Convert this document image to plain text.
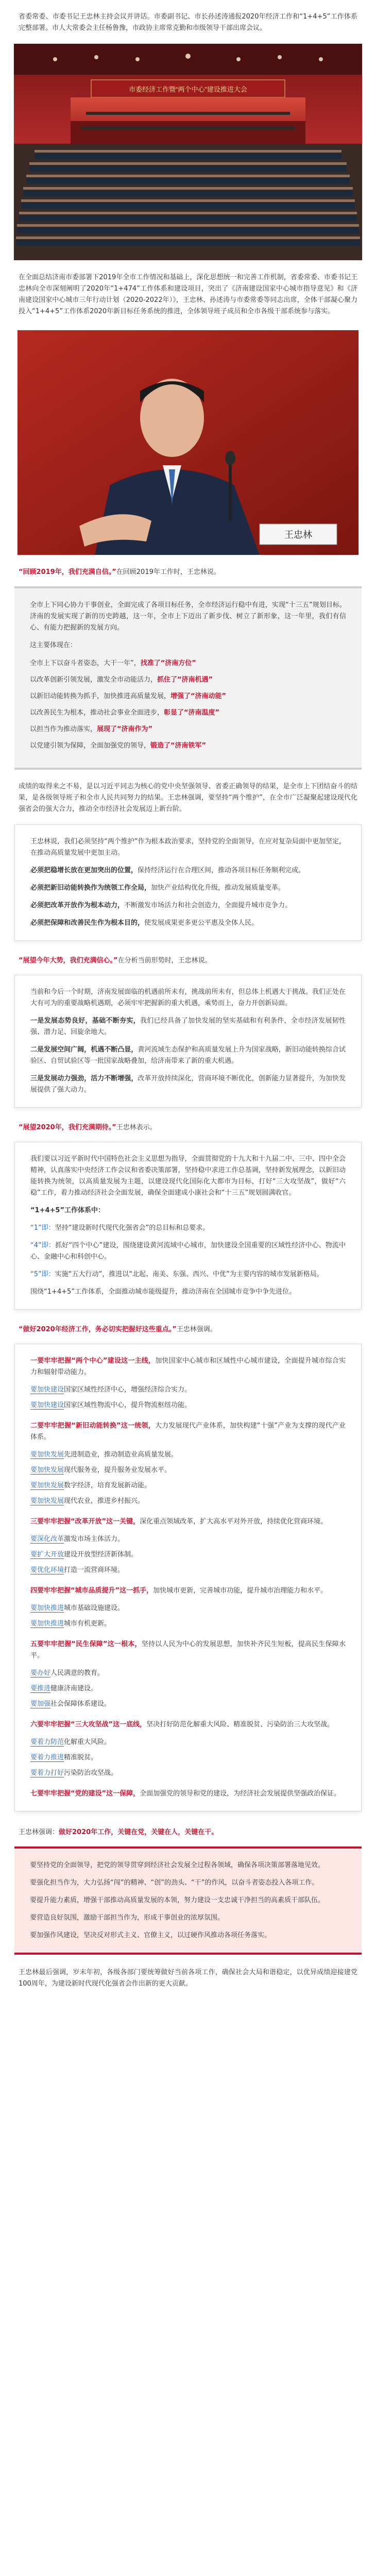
省委常委、市委书记王忠林主持会议并讲话。市委副书记、市长孙述涛通报2020年经济工作和“1+4+5”工作体系完整部署。市人大常委会主任杨鲁豫，市政协主席常克勤和市级领导干部出席会议。

市委经济工作暨“两个中心”建设推进大会

在全面总结济南市委部署下2019年全市工作情况和基础上，深化思想统一和完善工作机制，省委常委、市委书记王忠林向全市深刻阐明了2020年“1+474”工作体系和建设项目，突出了《济南建设国家中心城市指导意见》和《济南建设国家中心城市三年行动计划（2020-2022年）》，王忠林、孙述涛与市委常委等同志出席，全体干部凝心聚力投入“1+4+5”工作体系2020年新目标任务系统的推进，全体领导班子成员和全市各级干部系统参与落实。

王忠林

“回顾2019年，我们充满自信。”在回顾2019年工作时，王忠林说。

全市上下同心协力干事创业，全面完成了各项目标任务，全市经济运行稳中有进，实现“十三五”规划目标。济南的发展实现了新的历史跨越，这一年，全市上下迈出了新步伐、树立了新形象，这一年里，我们有信心、有能力把握新的发展方向。

这主要体现在：

全市上下以奋斗者姿态，大干一年”，找准了“济南方位”

以改革创新引领发展，激发全市动能活力，抓住了“济南机遇”

以新旧动能转换为抓手，加快推进高质量发展，增强了“济南动能”

以改善民生为根本，推动社会事业全面进步，彰显了“济南温度”

以担当作为推动落实，展现了“济南作为”

以党建引领为保障，全面加强党的领导，锻造了“济南铁军”

成绩的取得来之不易，是以习近平同志为核心的党中央坚强领导、省委正确领导的结果，是全市上下团结奋斗的结果，是各级领导班子和全市人民共同努力的结果。王忠林强调，要坚持“两个维护”，在全市广泛凝聚起建设现代化强省会的强大合力，推动全市经济社会发展迈上新台阶。

王忠林说，我们必须坚持“两个维护”作为根本政治要求，坚持党的全面领导，在应对复杂局面中更加坚定，在推动高质量发展中更加主动。

必须把稳增长放在更加突出的位置，保持经济运行在合理区间，推动各项目标任务顺利完成。

必须把新旧动能转换作为统领工作全局，加快产业结构优化升级，推动发展质量变革。

必须把改革开放作为根本动力，不断激发市场活力和社会创造力，全面提升城市竞争力。

必须把保障和改善民生作为根本目的，使发展成果更多更公平惠及全体人民。

“展望今年大势，我们充满信心。”在分析当前形势时，王忠林说。

当前和今后一个时期，济南发展面临的机遇前所未有，挑战前所未有，但总体上机遇大于挑战。我们正处在大有可为的重要战略机遇期，必须牢牢把握新的重大机遇，乘势而上，奋力开创新局面。

一是发展态势良好，基础不断夯实，我们已经具备了加快发展的坚实基础和有利条件，全市经济发展韧性强、潜力足、回旋余地大。

二是发展空间广阔，机遇不断凸显，黄河流域生态保护和高质量发展上升为国家战略，新旧动能转换综合试验区、自贸试验区等一批国家战略叠加，给济南带来了新的重大机遇。

三是发展动力强劲，活力不断增强，改革开放持续深化，营商环境不断优化，创新能力显著提升，为加快发展提供了强大动力。

“展望2020年，我们充满期待。”王忠林表示。

我们要以习近平新时代中国特色社会主义思想为指导，全面贯彻党的十九大和十九届二中、三中、四中全会精神，认真落实中央经济工作会议和省委决策部署，坚持稳中求进工作总基调，坚持新发展理念，以新旧动能转换为统领，以高质量发展为主题，以建设现代化国际化大都市为目标，打好“三大攻坚战”，做好“六稳”工作，着力推动经济社会全面发展，确保全面建成小康社会和“十三五”规划圆满收官。

“1+4+5”工作体系中：

“1”即：坚持“建设新时代现代化强省会”的总目标和总要求。

“4”即：抓好“四个中心”建设，围绕建设黄河流域中心城市，加快建设全国重要的区域性经济中心、物流中心、金融中心和科创中心。

“5”即：实施“五大行动”，推进以“北起、南美、东强、西兴、中优”为主要内容的城市发展新格局。

围绕“1+4+5”工作体系，全面推动城市能级提升，推动济南在全国城市竞争中争先进位。

“做好2020年经济工作，务必切实把握好这些重点。”王忠林强调。

一要牢牢把握“两个中心”建设这一主线，加快国家中心城市和区域性中心城市建设，全面提升城市综合实力和辐射带动能力。

要加快建设国家区域性经济中心，增强经济综合实力。

要加快建设国家区域性物流中心，提升物流枢纽功能。

二要牢牢把握“新旧动能转换”这一统领，大力发展现代产业体系，加快构建“十强”产业为支撑的现代产业体系。

要加快发展先进制造业，推动制造业高质量发展。

要加快发展现代服务业，提升服务业发展水平。

要加快发展数字经济，培育发展新动能。

要加快发展现代农业，推进乡村振兴。

三要牢牢把握“改革开放”这一关键，深化重点领域改革，扩大高水平对外开放，持续优化营商环境。

要深化改革激发市场主体活力。

要扩大开放建设开放型经济新体制。

要优化环境打造一流营商环境。

四要牢牢把握“城市品质提升”这一抓手，加快城市更新，完善城市功能，提升城市治理能力和水平。

要加快推进城市基础设施建设。

要加快推进城市有机更新。

五要牢牢把握“民生保障”这一根本，坚持以人民为中心的发展思想，加快补齐民生短板，提高民生保障水平。

要办好人民满意的教育。

要推进健康济南建设。

要加强社会保障体系建设。

六要牢牢把握“三大攻坚战”这一底线，坚决打好防范化解重大风险、精准脱贫、污染防治三大攻坚战。

要着力防范化解重大风险。

要着力推进精准脱贫。

要着力打好污染防治攻坚战。

七要牢牢把握“党的建设”这一保障，全面加强党的领导和党的建设，为经济社会发展提供坚强政治保证。

王忠林强调：做好2020年工作，关键在党，关键在人，关键在干。

要坚持党的全面领导，把党的领导贯穿到经济社会发展全过程各领域，确保各项决策部署落地见效。

要强化担当作为，大力弘扬“闯”的精神、“创”的劲头、“干”的作风，以奋斗者姿态投入各项工作。

要提升能力素质，增强干部推动高质量发展的本领，努力建设一支忠诚干净担当的高素质干部队伍。

要营造良好氛围，激励干部担当作为，形成干事创业的浓厚氛围。

要加强作风建设，坚决反对形式主义、官僚主义，以过硬作风推动各项任务落实。

王忠林最后强调，岁末年初，各级各部门要统筹做好当前各项工作，确保社会大局和谐稳定，以优异成绩迎接建党100周年，为建设新时代现代化强省会作出新的更大贡献。
